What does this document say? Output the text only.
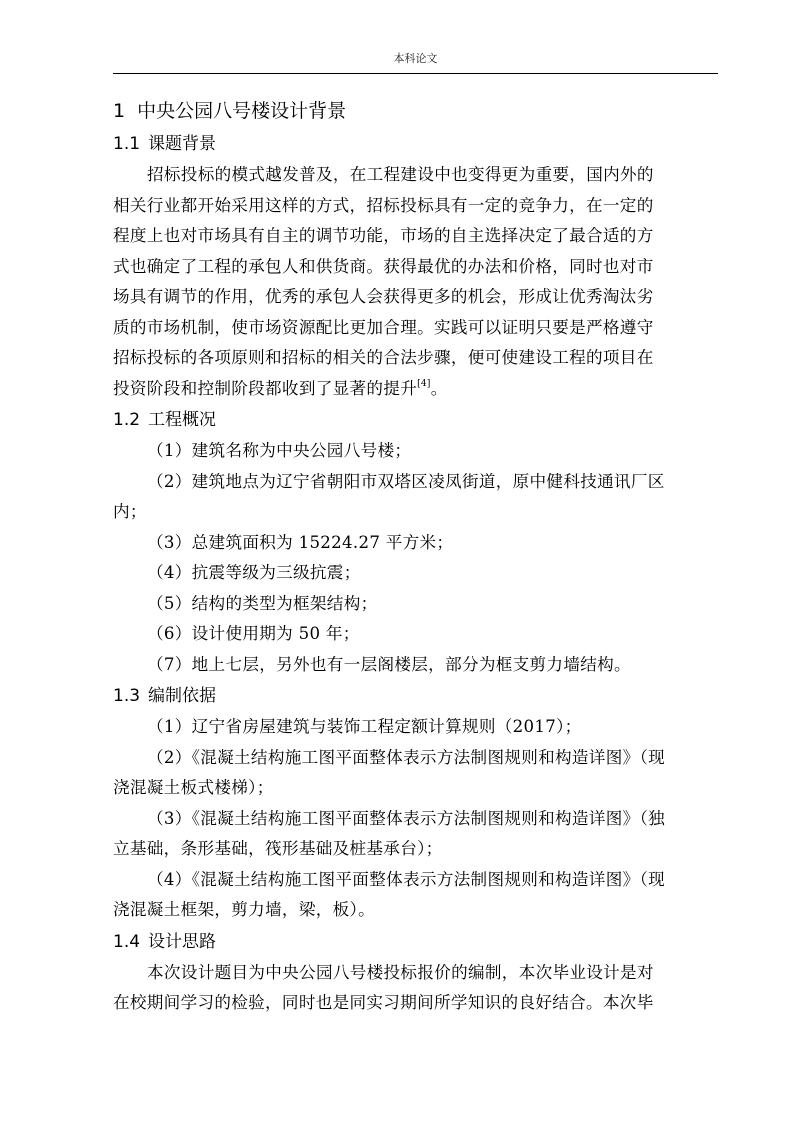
本科论文
1 中央公园八号楼设计背景
1.1 课题背景
招标投标的模式越发普及，在工程建设中也变得更为重要，国内外的
相关行业都开始采用这样的方式，招标投标具有一定的竞争力，在一定的
程度上也对市场具有自主的调节功能，市场的自主选择决定了最合适的方
式也确定了工程的承包人和供货商。获得最优的办法和价格，同时也对市
场具有调节的作用，优秀的承包人会获得更多的机会，形成让优秀淘汰劣
质的市场机制，使市场资源配比更加合理。实践可以证明只要是严格遵守
招标投标的各项原则和招标的相关的合法步骤，便可使建设工程的项目在
投资阶段和控制阶段都收到了显著的提升[4]。
1.2 工程概况
（1）建筑名称为中央公园八号楼；
（2）建筑地点为辽宁省朝阳市双塔区凌凤街道，原中健科技通讯厂区
内；
（3）总建筑面积为 15224.27 平方米；
（4）抗震等级为三级抗震；
（5）结构的类型为框架结构；
（6）设计使用期为 50 年；
（7）地上七层，另外也有一层阁楼层，部分为框支剪力墙结构。
1.3 编制依据
（1）辽宁省房屋建筑与装饰工程定额计算规则（2017）；
（2）《混凝土结构施工图平面整体表示方法制图规则和构造详图》（现
浇混凝土板式楼梯）；
（3）《混凝土结构施工图平面整体表示方法制图规则和构造详图》（独
立基础，条形基础，筏形基础及桩基承台）；
（4）《混凝土结构施工图平面整体表示方法制图规则和构造详图》（现
浇混凝土框架，剪力墙，梁，板）。
1.4 设计思路
本次设计题目为中央公园八号楼投标报价的编制，本次毕业设计是对
在校期间学习的检验，同时也是同实习期间所学知识的良好结合。本次毕
